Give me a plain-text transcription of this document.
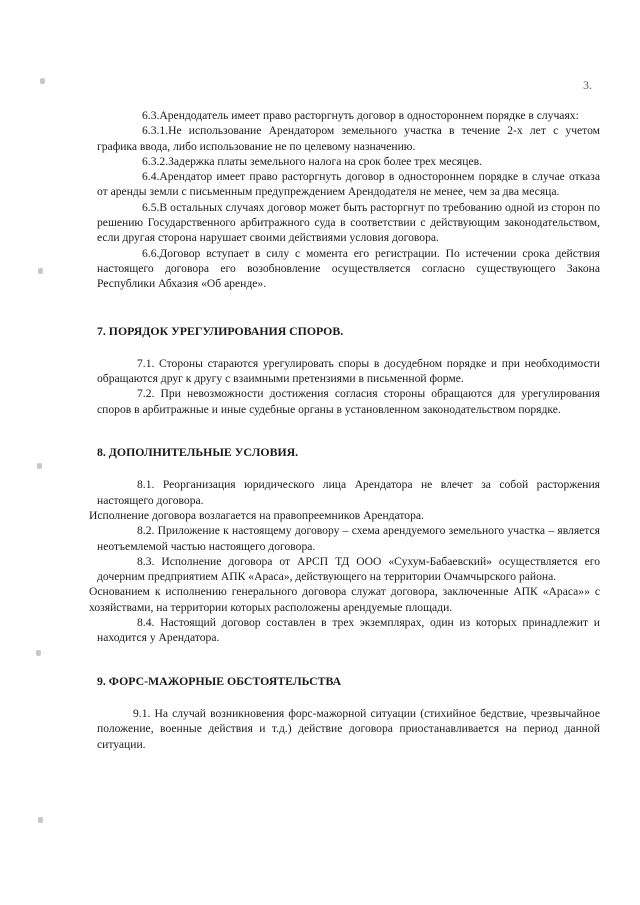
3.

6.3.Арендодатель имеет право расторгнуть договор в одностороннем порядке в случаях:

6.3.1.Не использование Арендатором земельного участка в течение 2-х лет с учетом графика ввода, либо использование не по целевому назначению.

6.3.2.Задержка платы земельного налога на срок более трех месяцев.

6.4.Арендатор имеет право расторгнуть договор в одностороннем порядке в случае отказа от аренды земли с письменным предупреждением Арендодателя не менее, чем за два месяца.

6.5.В остальных случаях договор может быть расторгнут по требованию одной из сторон по решению Государственного арбитражного суда в соответствии с действующим законодательством, если другая сторона нарушает своими действиями условия договора.

6.6.Договор вступает в силу с момента его регистрации. По истечении срока действия настоящего договора его возобновление осуществляется согласно существующего Закона Республики Абхазия «Об аренде».

7. ПОРЯДОК УРЕГУЛИРОВАНИЯ СПОРОВ.

7.1. Стороны стараются урегулировать споры в досудебном порядке и при необходимости обращаются друг к другу с взаимными претензиями в письменной форме.

7.2. При невозможности достижения согласия стороны обращаются для урегулирования споров в арбитражные и иные судебные органы в установленном законодательством порядке.

8. ДОПОЛНИТЕЛЬНЫЕ УСЛОВИЯ.

8.1. Реорганизация юридического лица Арендатора не влечет за собой расторжения настоящего договора.

Исполнение договора возлагается на правопреемников Арендатора.

8.2. Приложение к настоящему договору – схема арендуемого земельного участка – является неотъемлемой частью настоящего договора.

8.3. Исполнение договора от АРСП ТД ООО «Сухум-Бабаевский» осуществляется его дочерним предприятием АПК «Араса», действующего на территории Очамчырского района.

Основанием к исполнению генерального договора служат договора, заключенные АПК «Араса»» с хозяйствами, на территории которых расположены арендуемые площади.

8.4. Настоящий договор составлен в трех экземплярах, один из которых принадлежит и находится у Арендатора.

9. ФОРС-МАЖОРНЫЕ ОБСТОЯТЕЛЬСТВА

9.1. На случай возникновения форс-мажорной ситуации (стихийное бедствие, чрезвычайное положение, военные действия и т.д.) действие договора приостанавливается на период данной ситуации.
